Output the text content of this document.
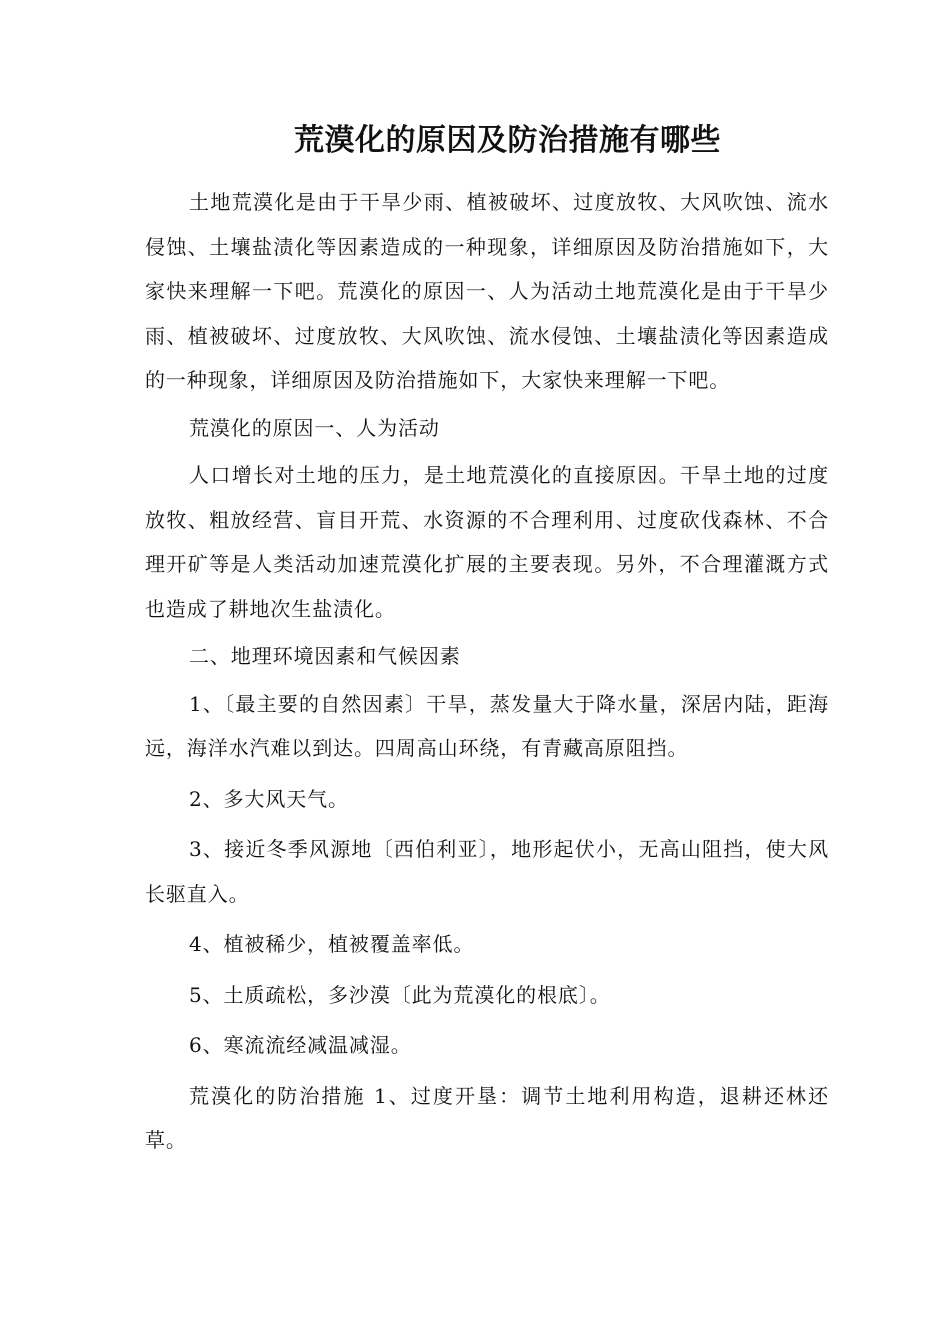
荒漠化的原因及防治措施有哪些

土地荒漠化是由于干旱少雨、植被破坏、过度放牧、大风吹蚀、流水侵蚀、土壤盐渍化等因素造成的一种现象，详细原因及防治措施如下，大家快来理解一下吧。荒漠化的原因一、人为活动土地荒漠化是由于干旱少雨、植被破坏、过度放牧、大风吹蚀、流水侵蚀、土壤盐渍化等因素造成的一种现象，详细原因及防治措施如下，大家快来理解一下吧。

荒漠化的原因一、人为活动

人口增长对土地的压力，是土地荒漠化的直接原因。干旱土地的过度放牧、粗放经营、盲目开荒、水资源的不合理利用、过度砍伐森林、不合理开矿等是人类活动加速荒漠化扩展的主要表现。另外，不合理灌溉方式也造成了耕地次生盐渍化。

二、地理环境因素和气候因素

1、〔最主要的自然因素〕干旱，蒸发量大于降水量，深居内陆，距海远，海洋水汽难以到达。四周高山环绕，有青藏高原阻挡。

2、多大风天气。

3、接近冬季风源地〔西伯利亚〕，地形起伏小，无高山阻挡，使大风长驱直入。

4、植被稀少，植被覆盖率低。

5、土质疏松，多沙漠〔此为荒漠化的根底〕。

6、寒流流经减温减湿。

荒漠化的防治措施 1、过度开垦：调节土地利用构造，退耕还林还草。
